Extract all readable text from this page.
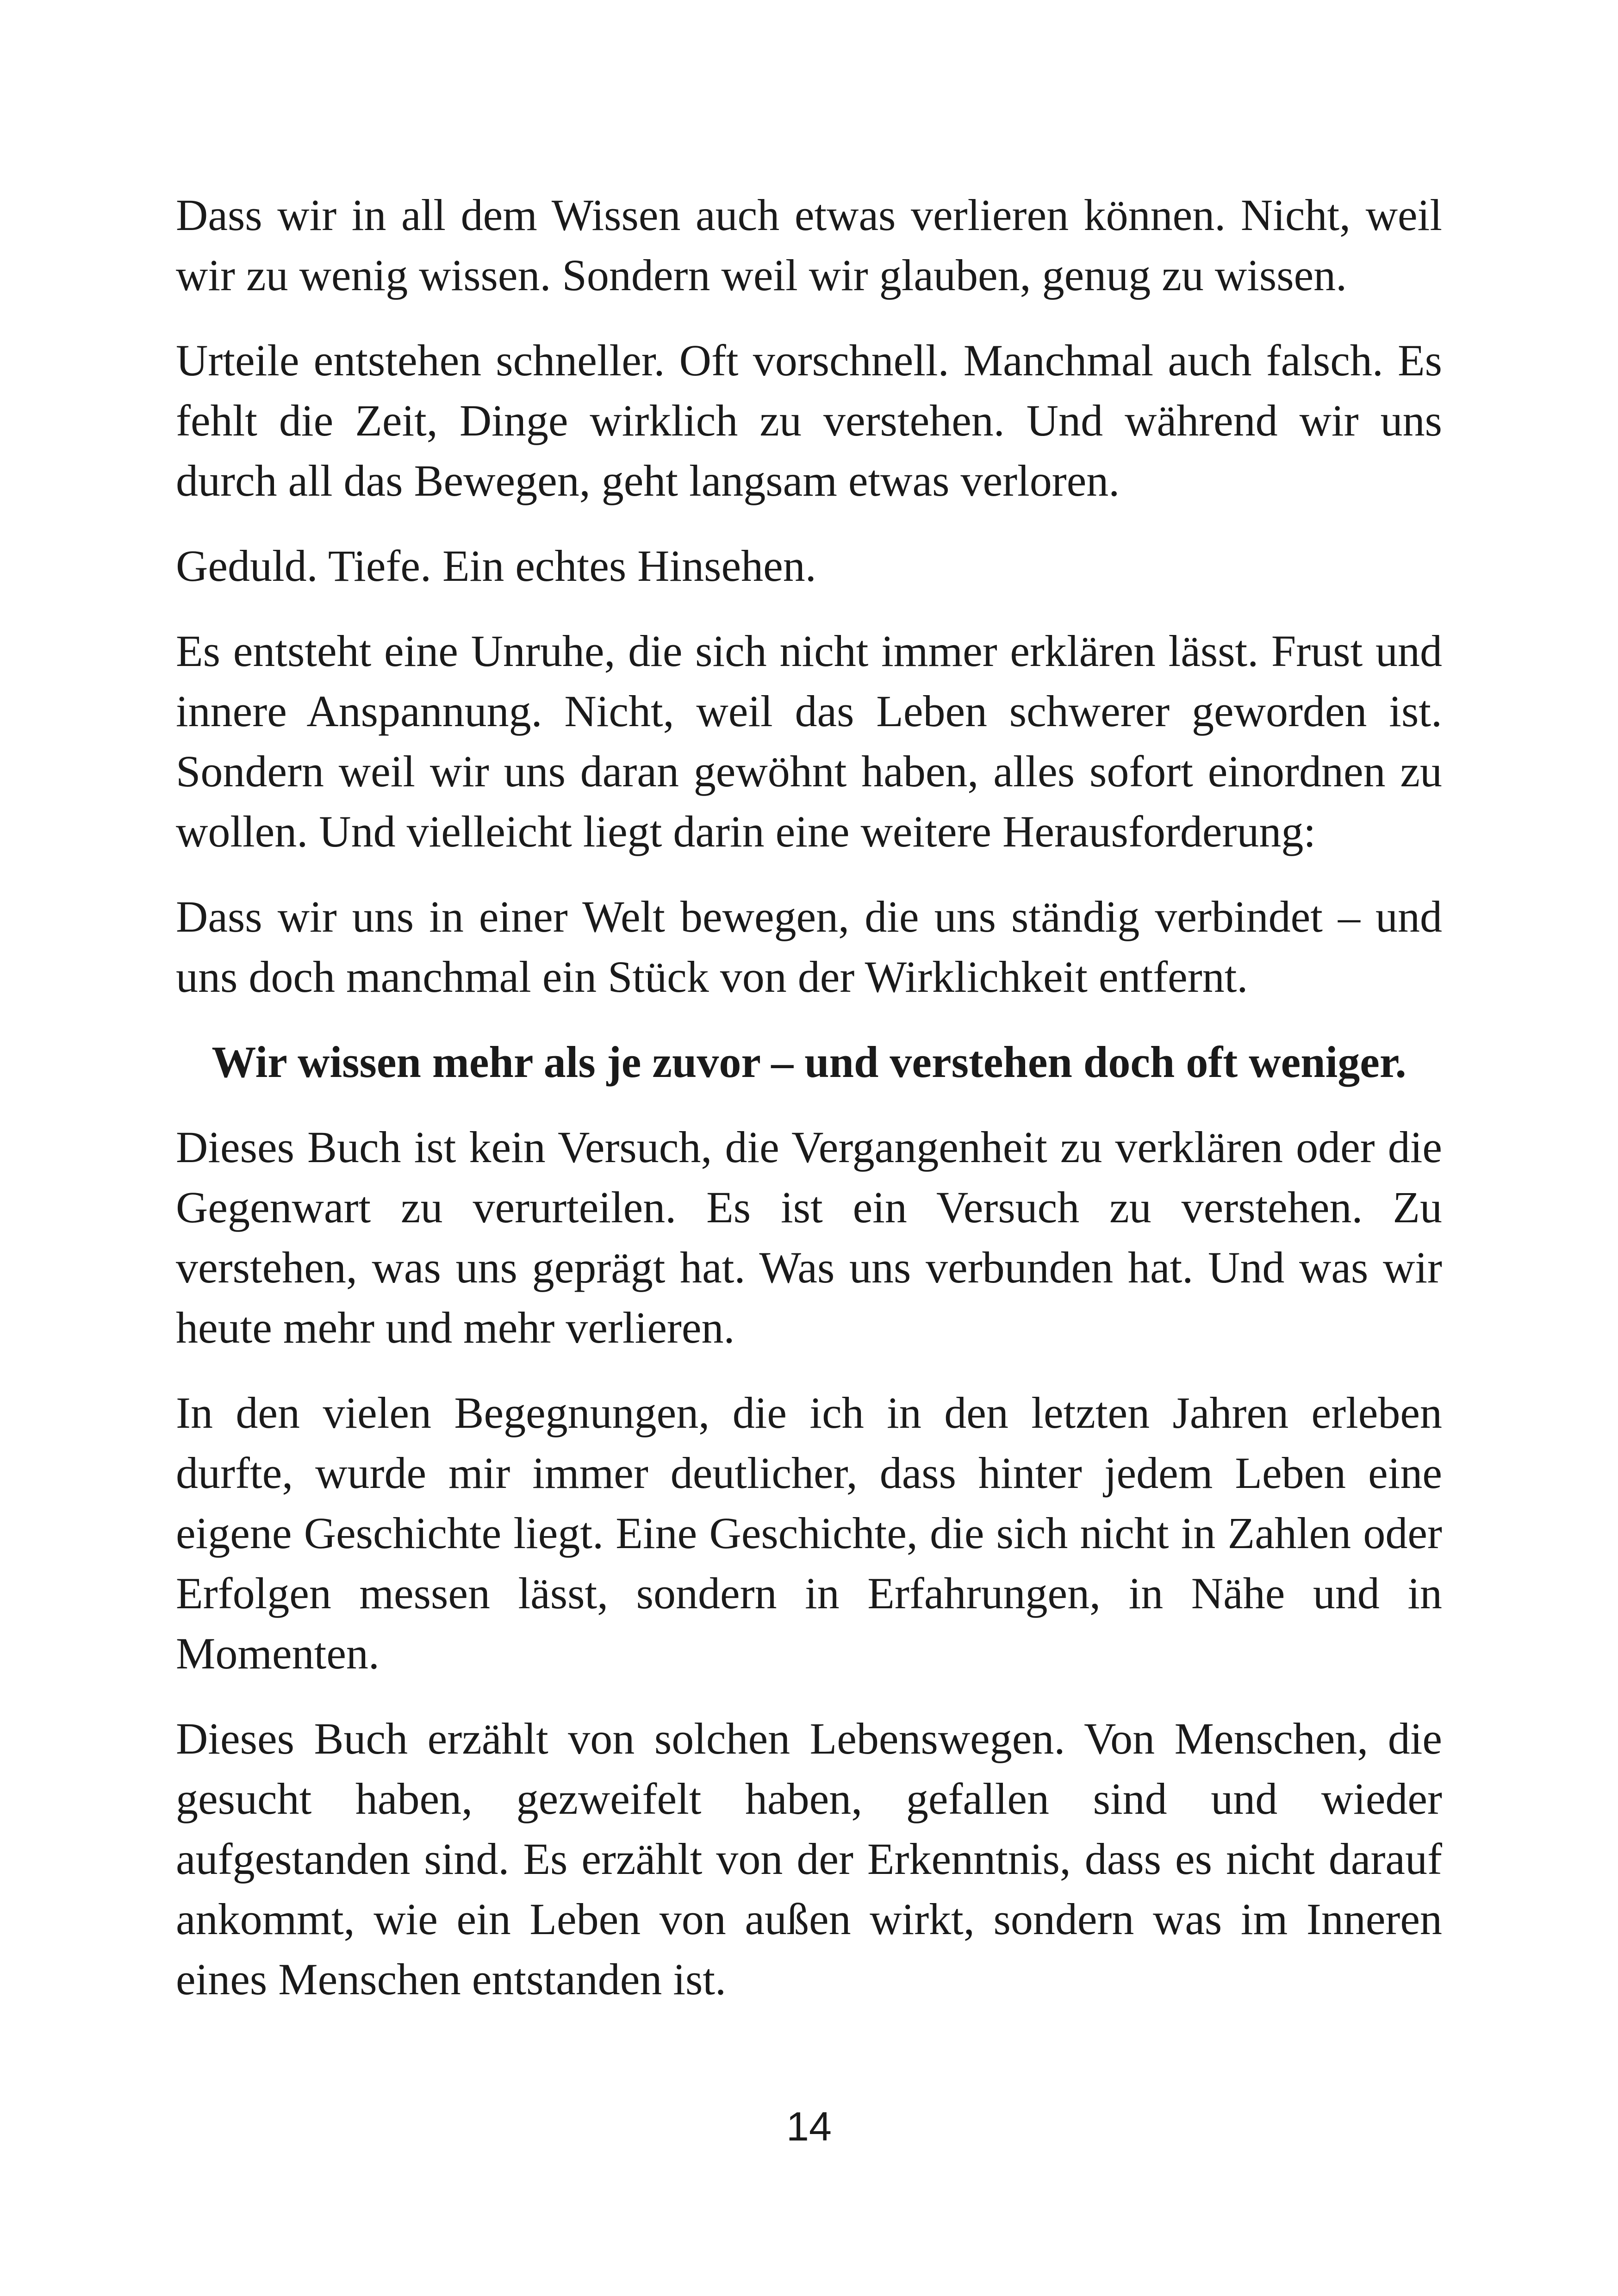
Dass wir in all dem Wissen auch etwas verlieren können. Nicht, weil wir zu wenig wissen. Sondern weil wir glauben, genug zu wissen.

Urteile entstehen schneller. Oft vorschnell. Manchmal auch falsch. Es fehlt die Zeit, Dinge wirklich zu verstehen. Und während wir uns durch all das Bewegen, geht langsam etwas verloren.

Geduld. Tiefe. Ein echtes Hinsehen.

Es entsteht eine Unruhe, die sich nicht immer erklären lässt. Frust und innere Anspannung. Nicht, weil das Leben schwerer geworden ist. Sondern weil wir uns daran gewöhnt haben, alles sofort einordnen zu wollen. Und vielleicht liegt darin eine weitere Herausforderung:

Dass wir uns in einer Welt bewegen, die uns ständig verbindet – und uns doch manchmal ein Stück von der Wirklichkeit entfernt.

Wir wissen mehr als je zuvor – und verstehen doch oft weniger.

Dieses Buch ist kein Versuch, die Vergangenheit zu verklären oder die Gegenwart zu verurteilen. Es ist ein Versuch zu verstehen. Zu verstehen, was uns geprägt hat. Was uns verbunden hat. Und was wir heute mehr und mehr verlieren.

In den vielen Begegnungen, die ich in den letzten Jahren erleben durfte, wurde mir immer deutlicher, dass hinter jedem Leben eine eigene Geschichte liegt. Eine Geschichte, die sich nicht in Zahlen oder Erfolgen messen lässt, sondern in Erfahrungen, in Nähe und in Momenten.

Dieses Buch erzählt von solchen Lebenswegen. Von Menschen, die gesucht haben, gezweifelt haben, gefallen sind und wieder aufgestanden sind. Es erzählt von der Erkenntnis, dass es nicht darauf ankommt, wie ein Leben von außen wirkt, sondern was im Inneren eines Menschen entstanden ist.

14
